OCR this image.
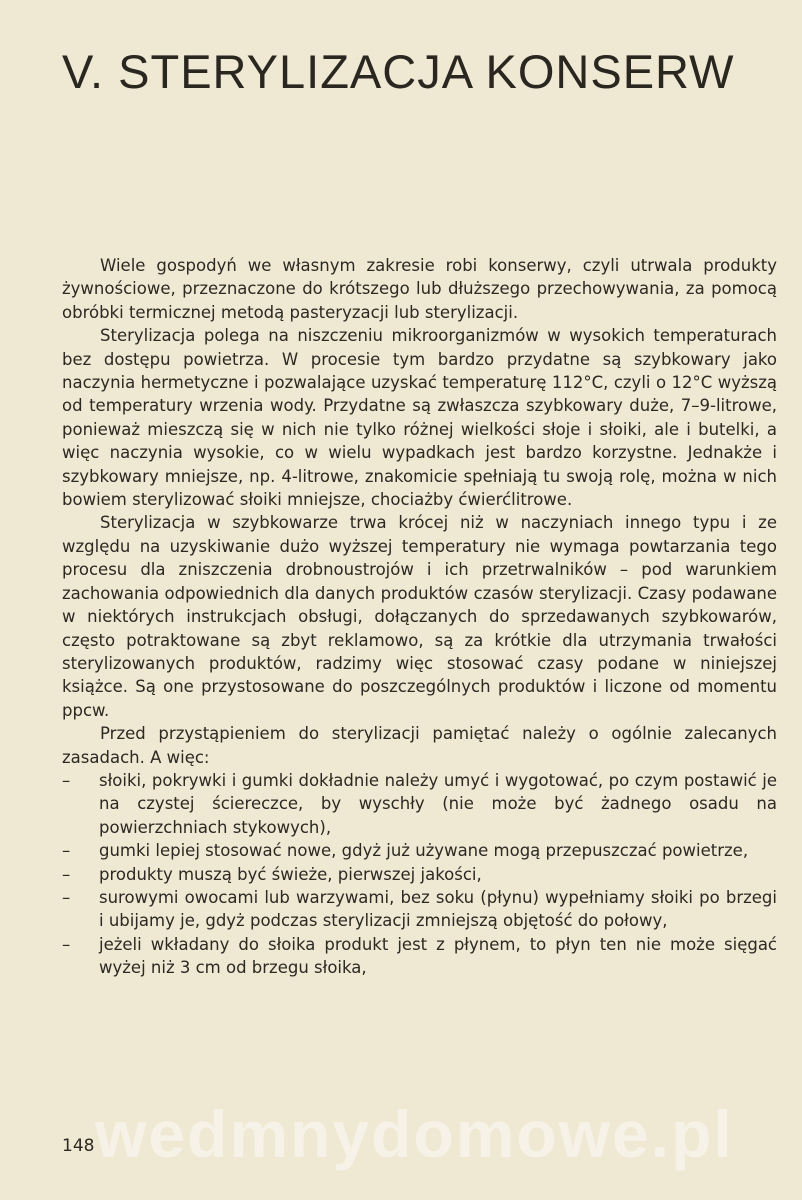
V. STERYLIZACJA KONSERW

Wiele gospodyń we własnym zakresie robi konserwy, czyli utrwala produkty żywnościowe, przeznaczone do krótszego lub dłuższego przechowywania, za pomocą obróbki termicznej metodą pasteryzacji lub sterylizacji.

Sterylizacja polega na niszczeniu mikroorganizmów w wysokich temperaturach bez dostępu powietrza. W procesie tym bardzo przydatne są szybkowary jako naczynia hermetyczne i pozwalające uzyskać temperaturę 112°C, czyli o 12°C wyższą od temperatury wrzenia wody. Przydatne są zwłaszcza szybkowary duże, 7–9-litrowe, ponieważ mieszczą się w nich nie tylko różnej wielkości słoje i słoiki, ale i butelki, a więc naczynia wysokie, co w wielu wypadkach jest bardzo korzystne. Jednakże i szybkowary mniejsze, np. 4-litrowe, znakomicie spełniają tu swoją rolę, można w nich bowiem sterylizować słoiki mniejsze, chociażby ćwierćlitrowe.

Sterylizacja w szybkowarze trwa krócej niż w naczyniach innego typu i ze względu na uzyskiwanie dużo wyższej temperatury nie wymaga powtarzania tego procesu dla zniszczenia drobnoustrojów i ich przetrwalników – pod warunkiem zachowania odpowiednich dla danych produktów czasów sterylizacji. Czasy podawane w niektórych instrukcjach obsługi, dołączanych do sprzedawanych szybkowarów, często potraktowane są zbyt reklamowo, są za krótkie dla utrzymania trwałości sterylizowanych produktów, radzimy więc stosować czasy podane w niniejszej książce. Są one przystosowane do poszczególnych produktów i liczone od momentu ppcw.

Przed przystąpieniem do sterylizacji pamiętać należy o ogólnie zalecanych zasadach. A więc:

– słoiki, pokrywki i gumki dokładnie należy umyć i wygotować, po czym postawić je na czystej ściereczce, by wyschły (nie może być żadnego osadu na powierzchniach stykowych),
– gumki lepiej stosować nowe, gdyż już używane mogą przepuszczać powietrze,
– produkty muszą być świeże, pierwszej jakości,
– surowymi owocami lub warzywami, bez soku (płynu) wypełniamy słoiki po brzegi i ubijamy je, gdyż podczas sterylizacji zmniejszą objętość do połowy,
– jeżeli wkładany do słoika produkt jest z płynem, to płyn ten nie może sięgać wyżej niż 3 cm od brzegu słoika,
wedmnydomowe.pl
148
